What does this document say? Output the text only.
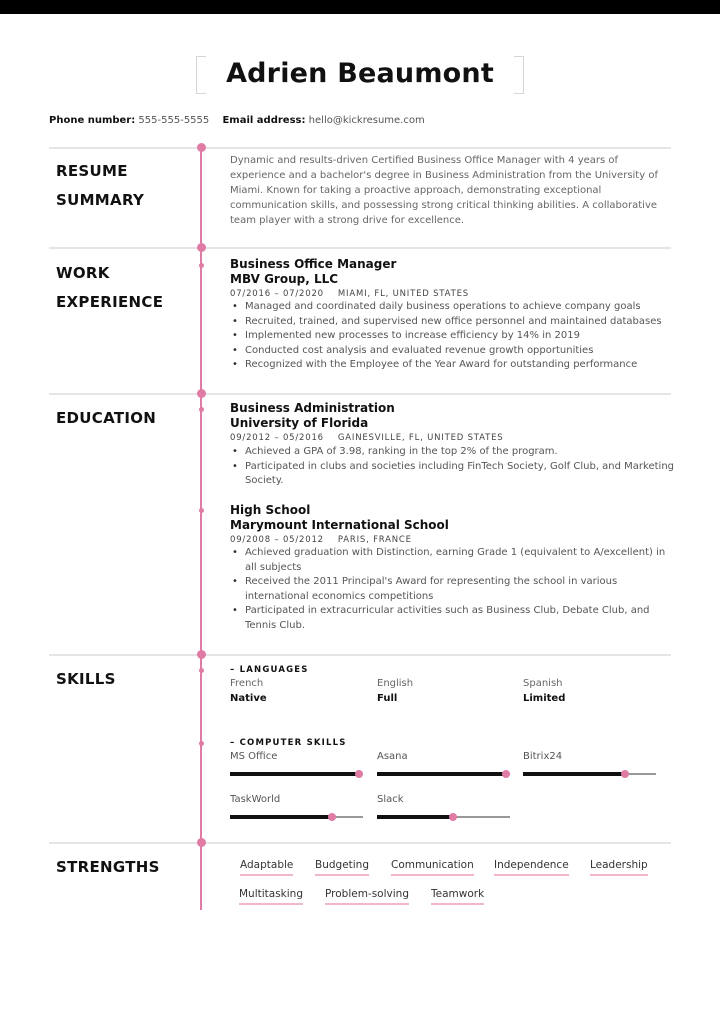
Adrien Beaumont
Phone number: 555-555-5555 Email address: hello@kickresume.com
RESUME
SUMMARY
Dynamic and results-driven Certified Business Office Manager with 4 years of experience and a bachelor's degree in Business Administration from the University of Miami. Known for taking a proactive approach, demonstrating exceptional communication skills, and possessing strong critical thinking abilities. A collaborative team player with a strong drive for excellence.
WORK
EXPERIENCE
Business Office Manager
MBV Group, LLC
07/2016 – 07/2020 MIAMI, FL, UNITED STATES
• Managed and coordinated daily business operations to achieve company goals
• Recruited, trained, and supervised new office personnel and maintained databases
• Implemented new processes to increase efficiency by 14% in 2019
• Conducted cost analysis and evaluated revenue growth opportunities
• Recognized with the Employee of the Year Award for outstanding performance
EDUCATION
Business Administration
University of Florida
09/2012 – 05/2016 GAINESVILLE, FL, UNITED STATES
• Achieved a GPA of 3.98, ranking in the top 2% of the program.
• Participated in clubs and societies including FinTech Society, Golf Club, and Marketing Society.
High School
Marymount International School
09/2008 – 05/2012 PARIS, FRANCE
• Achieved graduation with Distinction, earning Grade 1 (equivalent to A/excellent) in all subjects
• Received the 2011 Principal's Award for representing the school in various international economics competitions
• Participated in extracurricular activities such as Business Club, Debate Club, and Tennis Club.
SKILLS	– LANGUAGES
French
Native
English
Full
Spanish
Limited
– COMPUTER SKILLS
MS Office	Asana	Bitrix24
TaskWorld	Slack
STRENGTHS	Adaptable Budgeting Communication Independence Leadership
Multitasking Problem-solving Teamwork
